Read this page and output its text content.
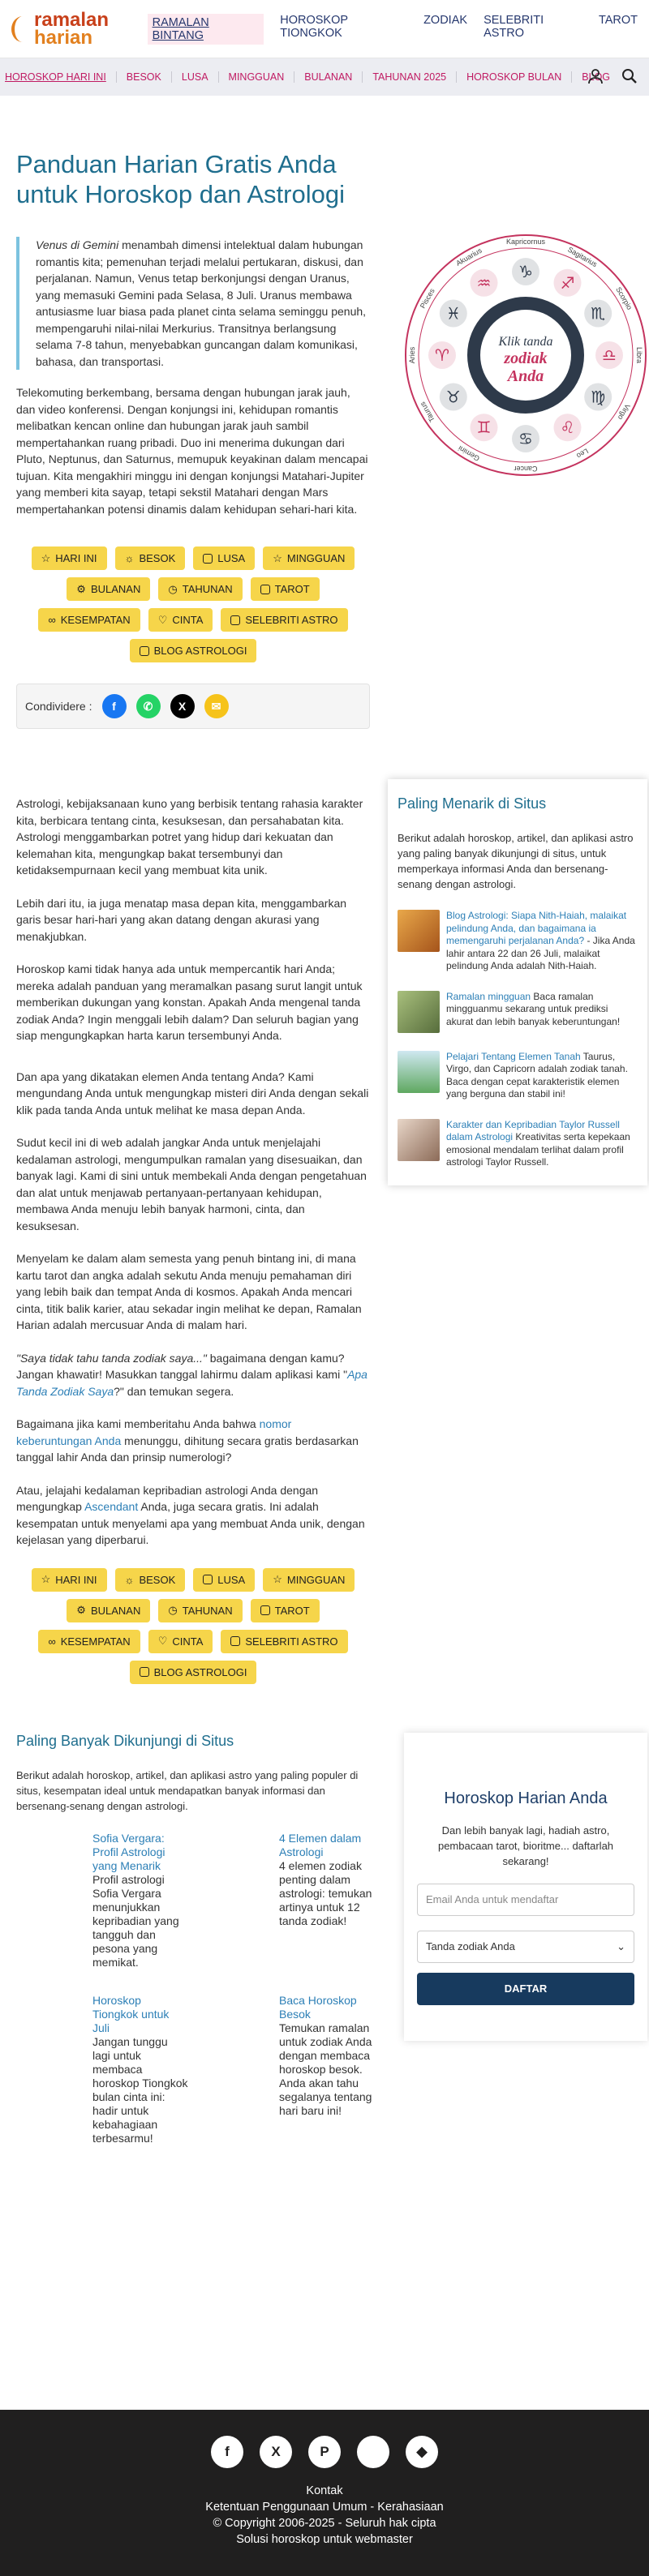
ramalan
harian
RAMALAN BINTANG
HOROSKOP TIONGKOK
ZODIAK SELEBRITI ASTRO
TAROT
HOROSKOP HARI INI	BESOK	LUSA	MINGGUAN	BULANAN	TAHUNAN 2025	HOROSKOP BULAN	BLOG
Panduan Harian Gratis Anda untuk Horoskop dan Astrologi
Venus di Gemini menambah dimensi intelektual dalam hubungan romantis kita; pemenuhan terjadi melalui pertukaran, diskusi, dan perjalanan. Namun, Venus tetap berkonjungsi dengan Uranus, yang memasuki Gemini pada Selasa, 8 Juli. Uranus membawa antusiasme luar biasa pada planet cinta selama seminggu penuh, mempengaruhi nilai-nilai Merkurius. Transitnya berlangsung selama 7-8 tahun, menyebabkan guncangan dalam komunikasi, bahasa, dan transportasi.

Telekomuting berkembang, bersama dengan hubungan jarak jauh, dan video konferensi. Dengan konjungsi ini, kehidupan romantis melibatkan kencan online dan hubungan jarak jauh sambil mempertahankan ruang pribadi. Duo ini menerima dukungan dari Pluto, Neptunus, dan Saturnus, memupuk keyakinan dalam mencapai tujuan. Kita mengakhiri minggu ini dengan konjungsi Matahari-Jupiter yang memberi kita sayap, tetapi sekstil Matahari dengan Mars mempertahankan potensi dinamis dalam kehidupan sehari-hari kita.

☆ HARI INI	☼ BESOK	LUSA	☆ MINGGUAN
⚙ BULANAN	◷ TAHUNAN	TAROT
∞ KESEMPATAN	♡ CINTA	SELEBRITI ASTRO
BLOG ASTROLOGI
Condividere :	f	✆	X	✉
Kapricornus
♑
Sagitarius
♐
Scorpio
♏
Libra
♎
Virgo
♍
Leo
♌
Cancer
♋
Gemini
♊
Taurus
♉
Aries ♈
Pisces
♓
Akuarius
♒
Klik tanda
zodiak
Anda

Astrologi, kebijaksanaan kuno yang berbisik tentang rahasia karakter kita, berbicara tentang cinta, kesuksesan, dan persahabatan kita. Astrologi menggambarkan potret yang hidup dari kekuatan dan kelemahan kita, mengungkap bakat tersembunyi dan ketidaksempurnaan kecil yang membuat kita unik.

Lebih dari itu, ia juga menatap masa depan kita, menggambarkan garis besar hari-hari yang akan datang dengan akurasi yang menakjubkan.

Horoskop kami tidak hanya ada untuk mempercantik hari Anda; mereka adalah panduan yang meramalkan pasang surut langit untuk memberikan dukungan yang konstan. Apakah Anda mengenal tanda zodiak Anda? Ingin menggali lebih dalam? Dan seluruh bagian yang siap mengungkapkan harta karun tersembunyi Anda.

Dan apa yang dikatakan elemen Anda tentang Anda? Kami mengundang Anda untuk mengungkap misteri diri Anda dengan sekali klik pada tanda Anda untuk melihat ke masa depan Anda.

Sudut kecil ini di web adalah jangkar Anda untuk menjelajahi kedalaman astrologi, mengumpulkan ramalan yang disesuaikan, dan banyak lagi. Kami di sini untuk membekali Anda dengan pengetahuan dan alat untuk menjawab pertanyaan-pertanyaan kehidupan, membawa Anda menuju lebih banyak harmoni, cinta, dan kesuksesan.

Menyelam ke dalam alam semesta yang penuh bintang ini, di mana kartu tarot dan angka adalah sekutu Anda menuju pemahaman diri yang lebih baik dan tempat Anda di kosmos. Apakah Anda mencari cinta, titik balik karier, atau sekadar ingin melihat ke depan, Ramalan Harian adalah mercusuar Anda di malam hari.

"Saya tidak tahu tanda zodiak saya..." bagaimana dengan kamu? Jangan khawatir! Masukkan tanggal lahirmu dalam aplikasi kami "Apa Tanda Zodiak Saya?" dan temukan segera.

Bagaimana jika kami memberitahu Anda bahwa nomor keberuntungan Anda menunggu, dihitung secara gratis berdasarkan tanggal lahir Anda dan prinsip numerologi?

Atau, jelajahi kedalaman kepribadian astrologi Anda dengan mengungkap Ascendant Anda, juga secara gratis. Ini adalah kesempatan untuk menyelami apa yang membuat Anda unik, dengan kejelasan yang diperbarui.

☆ HARI INI	☼ BESOK	LUSA	☆ MINGGUAN
⚙ BULANAN	◷ TAHUNAN	TAROT
∞ KESEMPATAN	♡ CINTA	SELEBRITI ASTRO
BLOG ASTROLOGI
Paling Menarik di Situs

Berikut adalah horoskop, artikel, dan aplikasi astro yang paling banyak dikunjungi di situs, untuk memperkaya informasi Anda dan bersenang-senang dengan astrologi.

Blog Astrologi: Siapa Nith-Haiah, malaikat pelindung Anda, dan bagaimana ia memengaruhi perjalanan Anda? - Jika Anda lahir antara 22 dan 26 Juli, malaikat pelindung Anda adalah Nith-Haiah.
Ramalan mingguan Baca ramalan mingguanmu sekarang untuk prediksi akurat dan lebih banyak keberuntungan!
Pelajari Tentang Elemen Tanah Taurus, Virgo, dan Capricorn adalah zodiak tanah. Baca dengan cepat karakteristik elemen yang berguna dan stabil ini!
Karakter dan Kepribadian Taylor Russell dalam Astrologi Kreativitas serta kepekaan emosional mendalam terlihat dalam profil astrologi Taylor Russell.
Paling Banyak Dikunjungi di Situs

Berikut adalah horoskop, artikel, dan aplikasi astro yang paling populer di situs, kesempatan ideal untuk mendapatkan banyak informasi dan bersenang-senang dengan astrologi.

Sofia Vergara: Profil Astrologi yang Menarik
Profil astrologi Sofia Vergara menunjukkan kepribadian yang tangguh dan pesona yang memikat.
4 Elemen dalam Astrologi
4 elemen zodiak penting dalam astrologi: temukan artinya untuk 12 tanda zodiak!
Horoskop Tiongkok untuk Juli
Jangan tunggu lagi untuk membaca horoskop Tiongkok bulan cinta ini: hadir untuk kebahagiaan terbesarmu!
Baca Horoskop Besok
Temukan ramalan untuk zodiak Anda dengan membaca horoskop besok. Anda akan tahu segalanya tentang hari baru ini!
Horoskop Harian Anda

Dan lebih banyak lagi, hadiah astro, pembacaan tarot, bioritme... daftarlah sekarang!

Email Anda untuk mendaftar
Tanda zodiak Anda	⌄
DAFTAR
f	X	P	◆
Kontak
Ketentuan Penggunaan Umum - Kerahasiaan
© Copyright 2006-2025 - Seluruh hak cipta
Solusi horoskop untuk webmaster
